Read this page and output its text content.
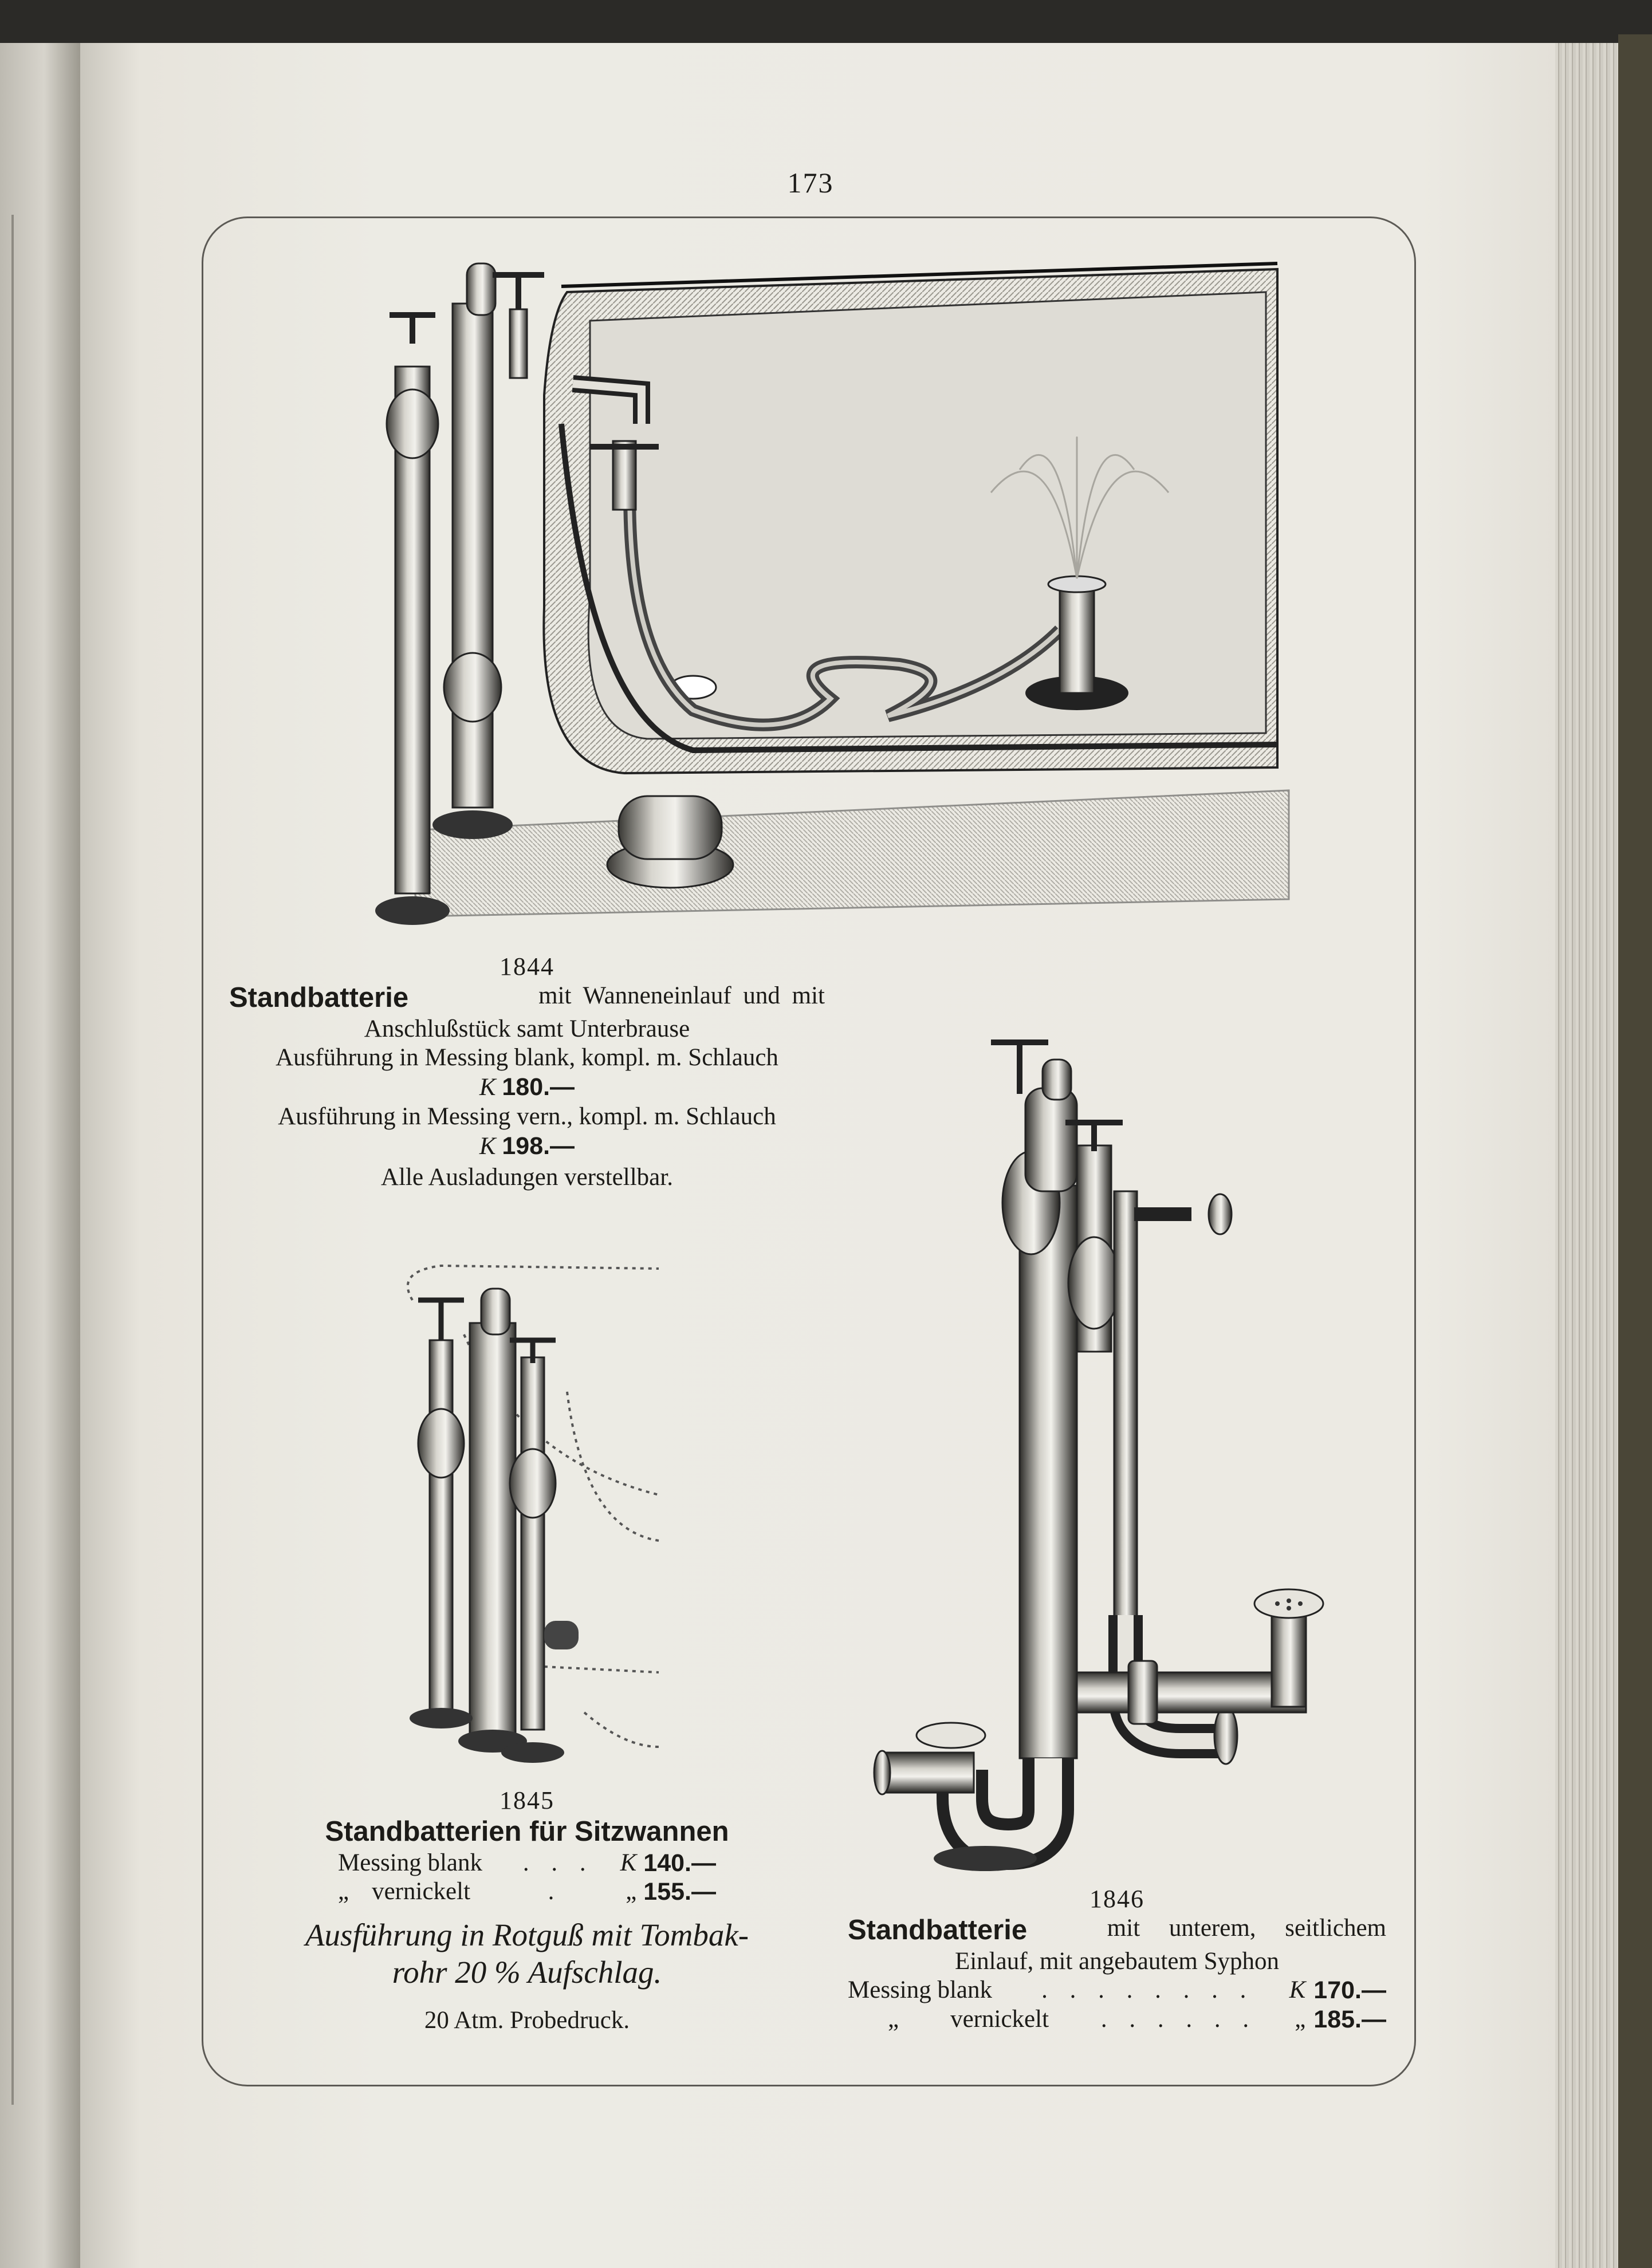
173
1844
Standbatterie	mit Wanneneinlauf und mit
Anschlußstück samt Unterbrause
Ausführung in Messing blank, kompl. m. Schlauch
K 180.—
Ausführung in Messing vern., kompl. m. Schlauch
K 198.—
Alle Ausladungen verstellbar.
1845
Standbatterien für Sitzwannen
Messing blank	. . .	K 140.—
„ vernickelt	.	„ 155.—
Ausführung in Rotguß mit Tombak-
rohr 20 % Aufschlag.
20 Atm. Probedruck.
1846
Standbatterie	mit unterem, seitlichem
Einlauf, mit angebautem Syphon
Messing blank	. . . . . . . .	K 170.—
„ vernickelt	. . . . . .	„ 185.—
